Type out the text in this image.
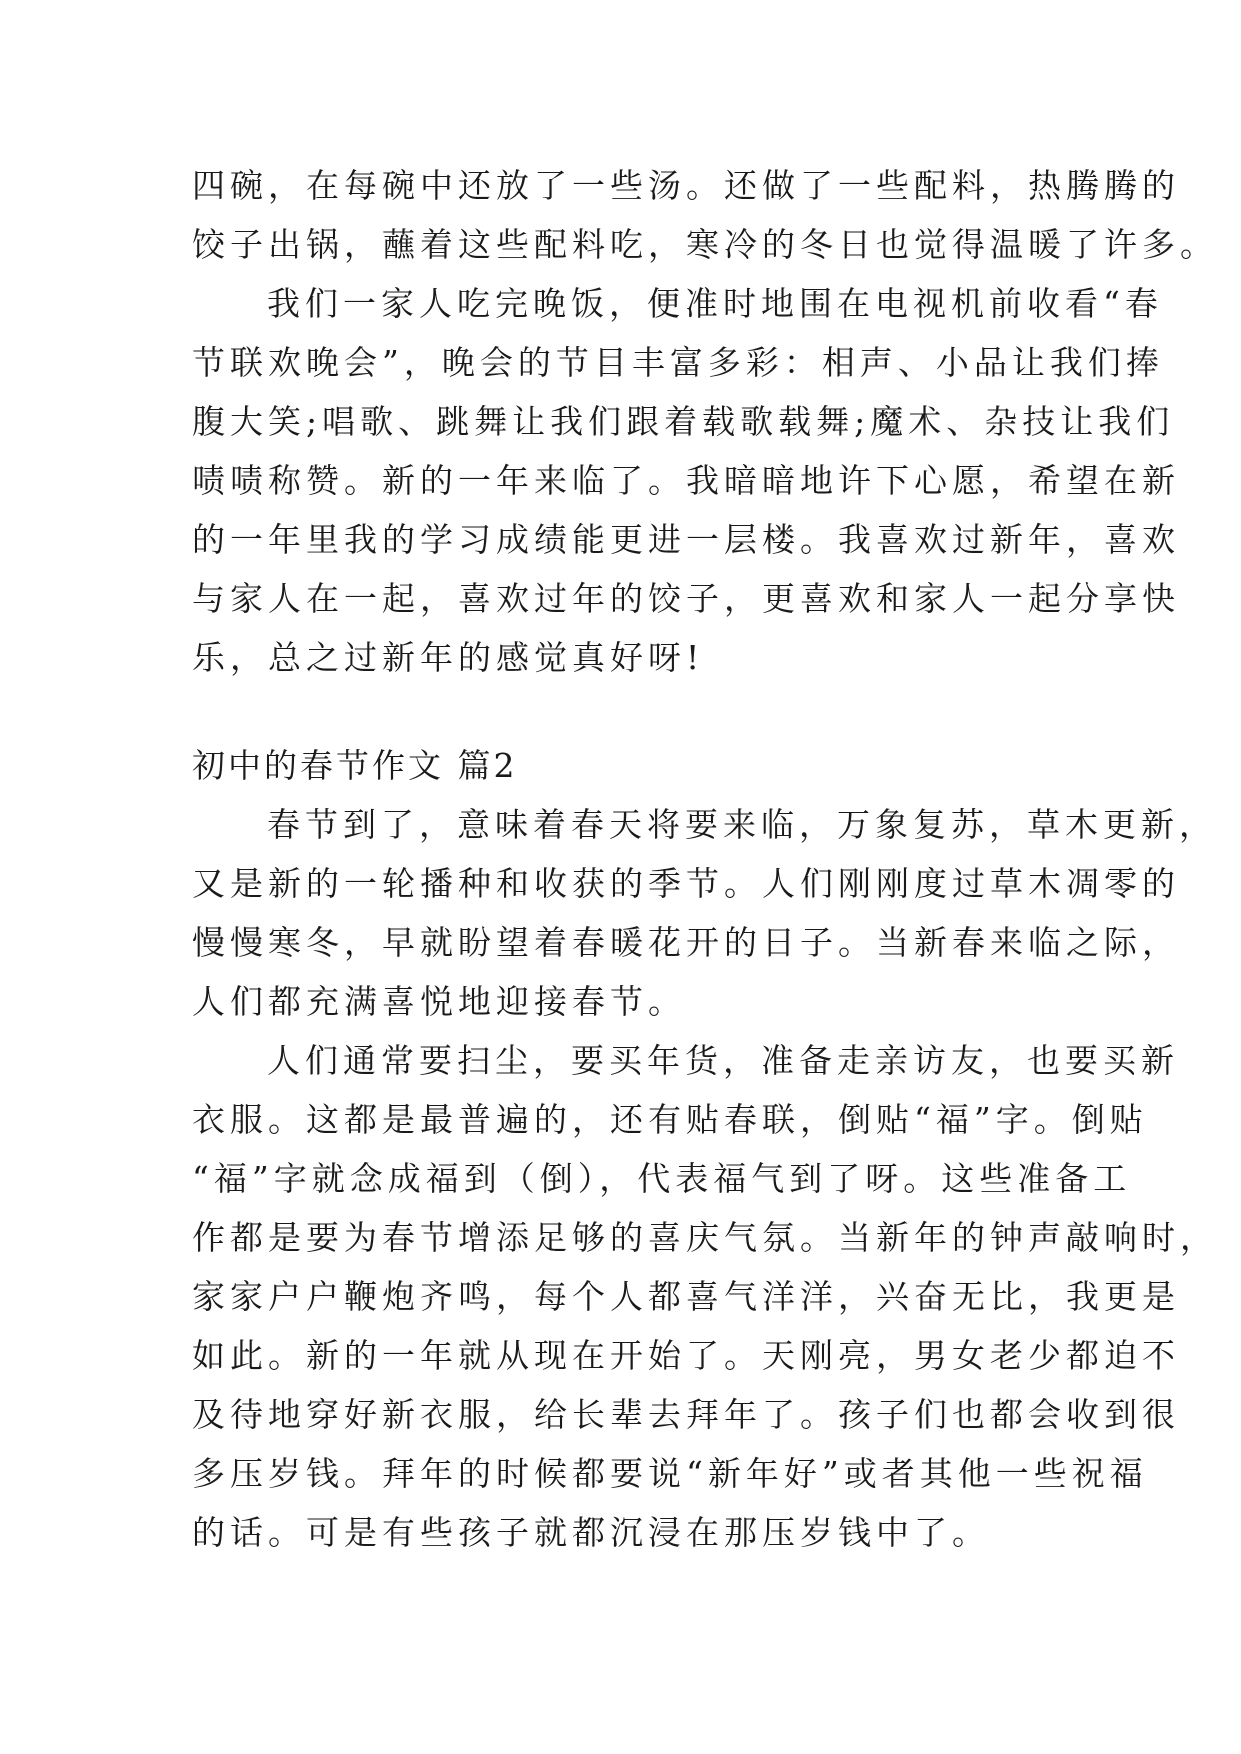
四碗，在每碗中还放了一些汤。还做了一些配料，热腾腾的
饺子出锅，蘸着这些配料吃，寒冷的冬日也觉得温暖了许多。
我们一家人吃完晚饭，便准时地围在电视机前收看“春
节联欢晚会”，晚会的节目丰富多彩：相声、小品让我们捧
腹大笑;唱歌、跳舞让我们跟着载歌载舞;魔术、杂技让我们
啧啧称赞。新的一年来临了。我暗暗地许下心愿，希望在新
的一年里我的学习成绩能更进一层楼。我喜欢过新年，喜欢
与家人在一起，喜欢过年的饺子，更喜欢和家人一起分享快
乐，总之过新年的感觉真好呀!
初中的春节作文 篇2
春节到了，意味着春天将要来临，万象复苏，草木更新，
又是新的一轮播种和收获的季节。人们刚刚度过草木凋零的
慢慢寒冬，早就盼望着春暖花开的日子。当新春来临之际，
人们都充满喜悦地迎接春节。
人们通常要扫尘，要买年货，准备走亲访友，也要买新
衣服。这都是最普遍的，还有贴春联，倒贴“福”字。倒贴
“福”字就念成福到（倒），代表福气到了呀。这些准备工
作都是要为春节增添足够的喜庆气氛。当新年的钟声敲响时，
家家户户鞭炮齐鸣，每个人都喜气洋洋，兴奋无比，我更是
如此。新的一年就从现在开始了。天刚亮，男女老少都迫不
及待地穿好新衣服，给长辈去拜年了。孩子们也都会收到很
多压岁钱。拜年的时候都要说“新年好”或者其他一些祝福
的话。可是有些孩子就都沉浸在那压岁钱中了。
